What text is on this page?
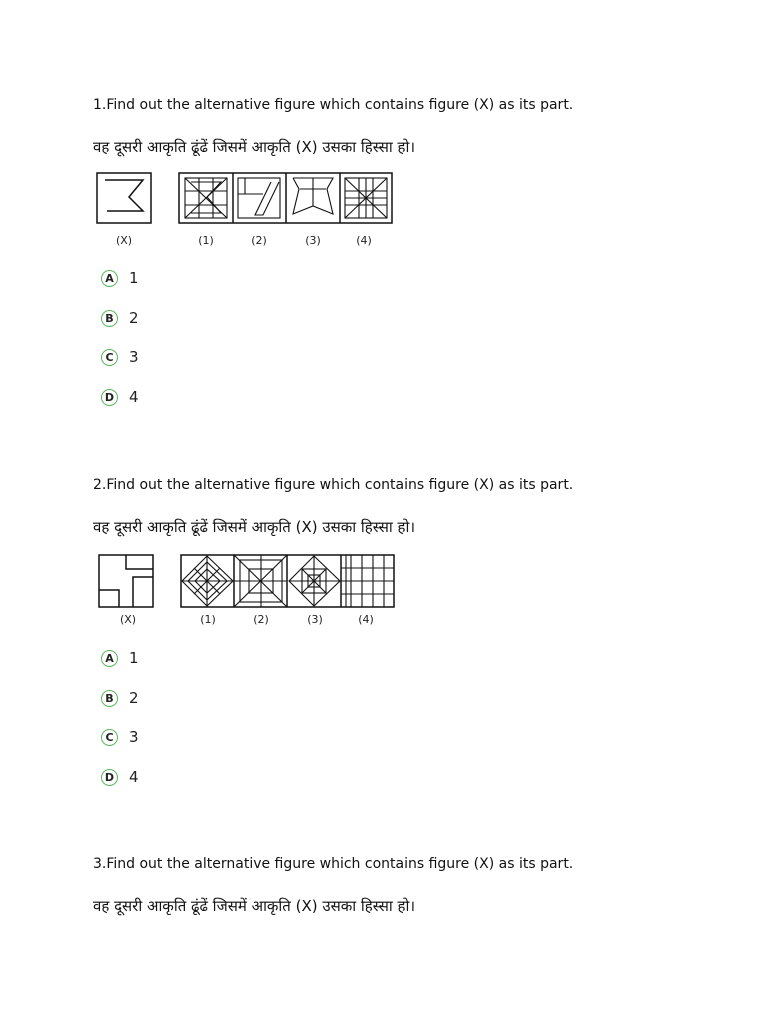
1.Find out the alternative figure which contains figure (X) as its part.
वह दूसरी आकृति ढूंढें जिसमें आकृति (X) उसका हिस्सा हो।
(X)	(1)	(2)	(3)	(4)
A 1
B 2
C 3
D 4
2.Find out the alternative figure which contains figure (X) as its part.
वह दूसरी आकृति ढूंढें जिसमें आकृति (X) उसका हिस्सा हो।
(X)	(1)	(2)	(3)	(4)
A 1
B 2
C 3
D 4
3.Find out the alternative figure which contains figure (X) as its part.
वह दूसरी आकृति ढूंढें जिसमें आकृति (X) उसका हिस्सा हो।
